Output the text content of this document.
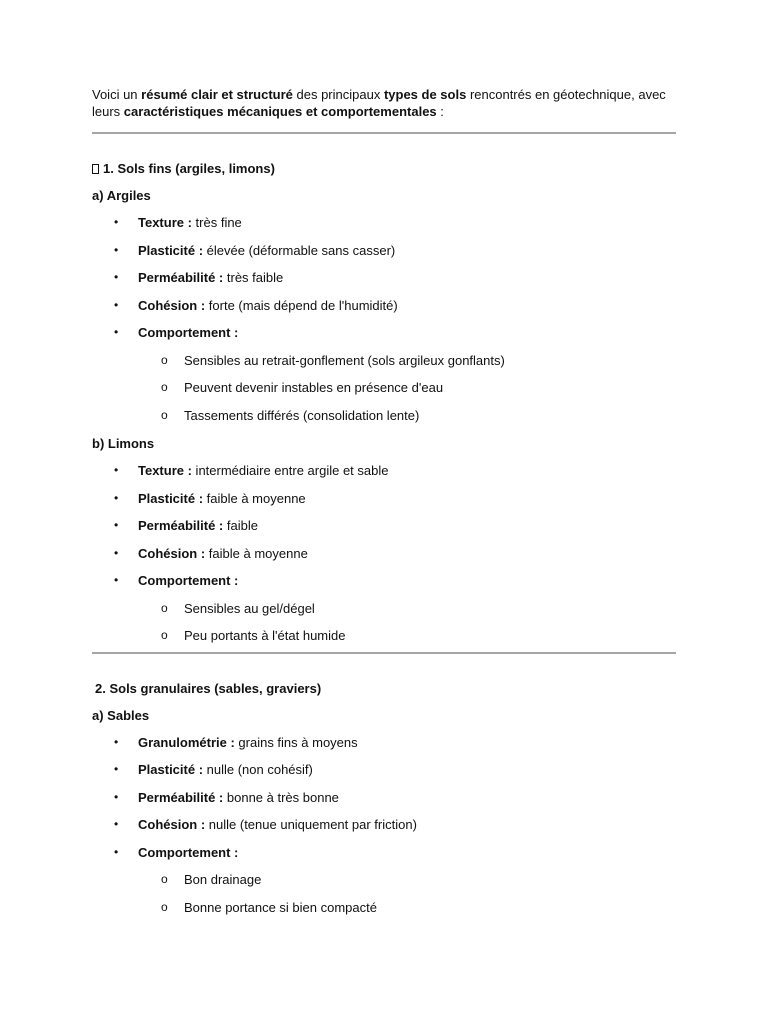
Voici un résumé clair et structuré des principaux types de sols rencontrés en géotechnique, avec leurs caractéristiques mécaniques et comportementales :

1. Sols fins (argiles, limons)

a) Argiles

• Texture : très fine
• Plasticité : élevée (déformable sans casser)
• Perméabilité : très faible
• Cohésion : forte (mais dépend de l'humidité)
• Comportement :
o Sensibles au retrait-gonflement (sols argileux gonflants)
o Peuvent devenir instables en présence d'eau
o Tassements différés (consolidation lente)

b) Limons

• Texture : intermédiaire entre argile et sable
• Plasticité : faible à moyenne
• Perméabilité : faible
• Cohésion : faible à moyenne
• Comportement :
o Sensibles au gel/dégel
o Peu portants à l'état humide

2. Sols granulaires (sables, graviers)

a) Sables

• Granulométrie : grains fins à moyens
• Plasticité : nulle (non cohésif)
• Perméabilité : bonne à très bonne
• Cohésion : nulle (tenue uniquement par friction)
• Comportement :
o Bon drainage
o Bonne portance si bien compacté
